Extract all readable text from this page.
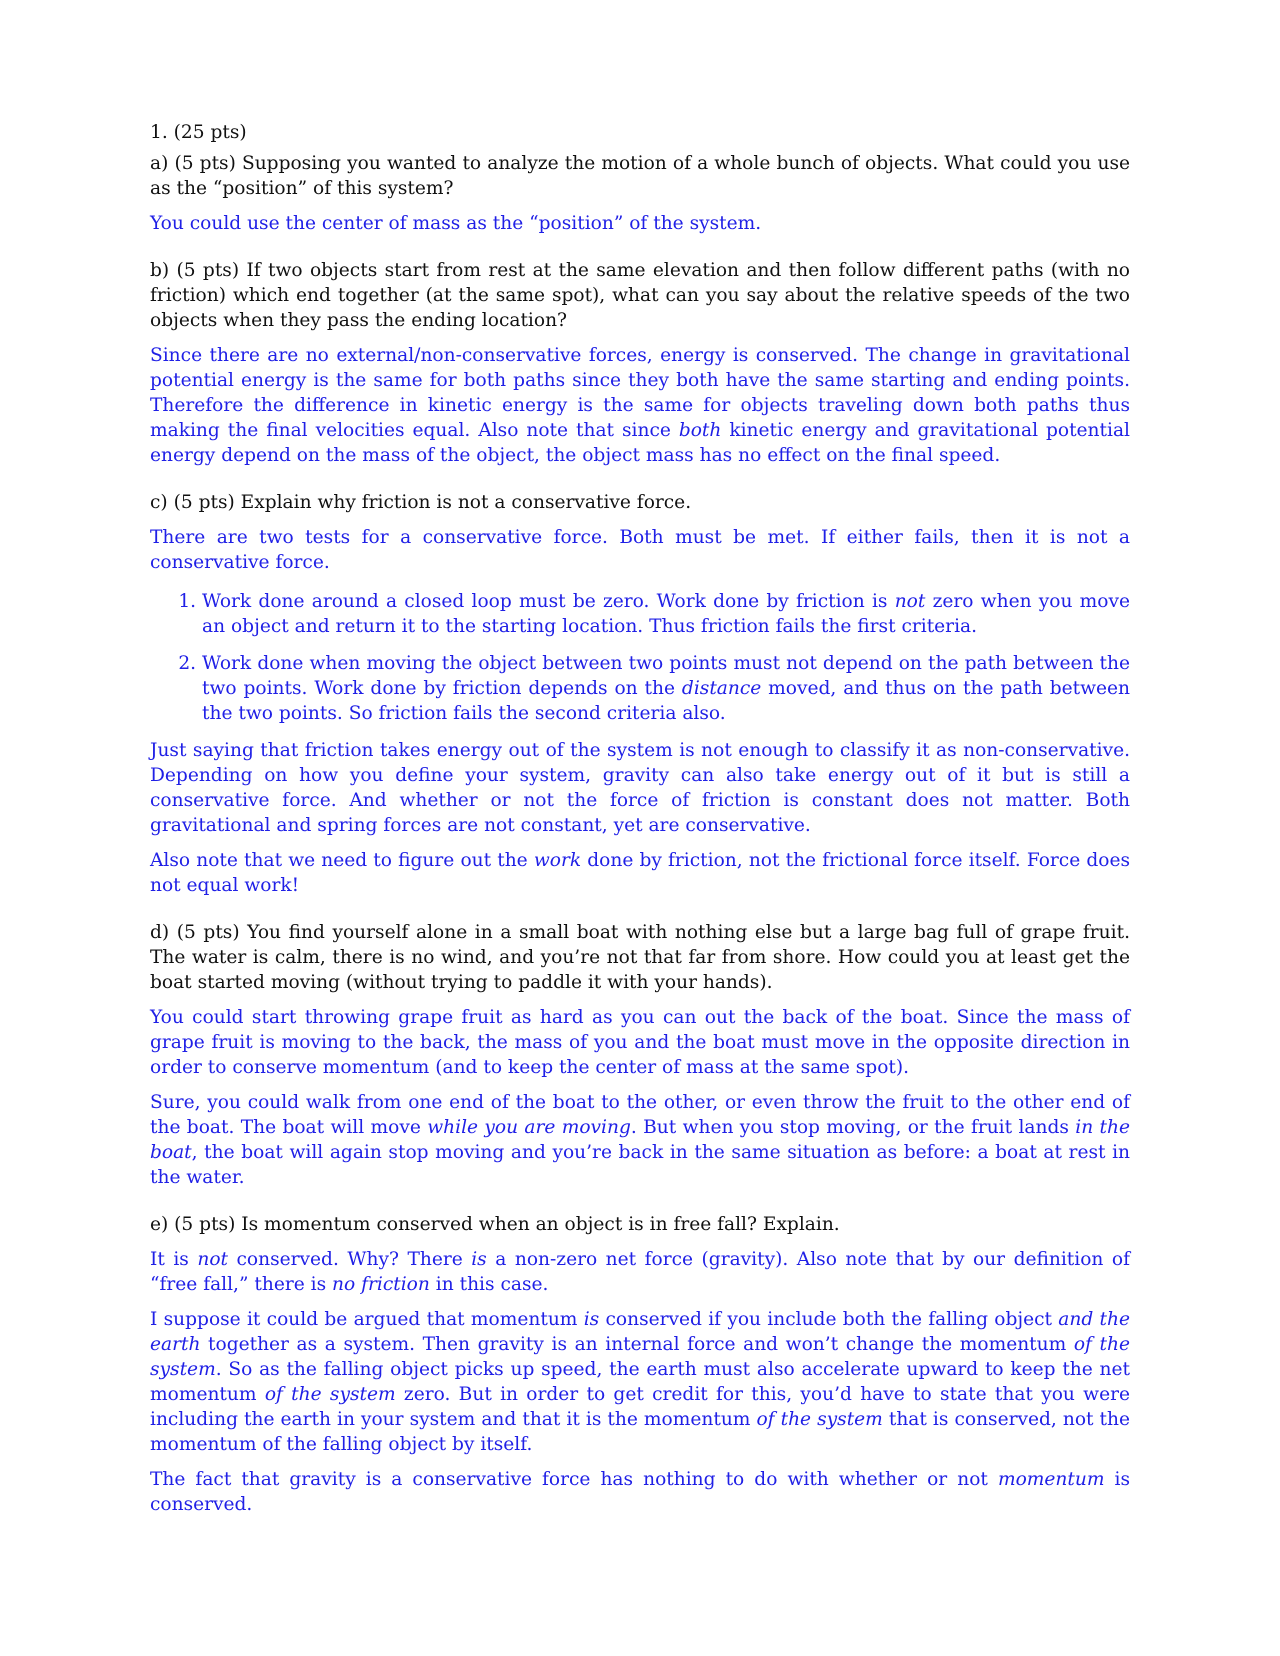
1. (25 pts)

a) (5 pts) Supposing you wanted to analyze the motion of a whole bunch of objects. What could you use as the “position” of this system?

You could use the center of mass as the “position” of the system.

b) (5 pts) If two objects start from rest at the same elevation and then follow different paths (with no friction) which end together (at the same spot), what can you say about the relative speeds of the two objects when they pass the ending location?

Since there are no external/non-conservative forces, energy is conserved. The change in gravitational potential energy is the same for both paths since they both have the same starting and ending points. Therefore the difference in kinetic energy is the same for objects traveling down both paths thus making the final velocities equal. Also note that since both kinetic energy and gravitational potential energy depend on the mass of the object, the object mass has no effect on the final speed.

c) (5 pts) Explain why friction is not a conservative force.

There are two tests for a conservative force. Both must be met. If either fails, then it is not a conservative force.

1. Work done around a closed loop must be zero. Work done by friction is not zero when you move an object and return it to the starting location. Thus friction fails the first criteria.
2. Work done when moving the object between two points must not depend on the path between the two points. Work done by friction depends on the distance moved, and thus on the path between the two points. So friction fails the second criteria also.

Just saying that friction takes energy out of the system is not enough to classify it as non-conservative. Depending on how you define your system, gravity can also take energy out of it but is still a conservative force. And whether or not the force of friction is constant does not matter. Both gravitational and spring forces are not constant, yet are conservative.

Also note that we need to figure out the work done by friction, not the frictional force itself. Force does not equal work!

d) (5 pts) You find yourself alone in a small boat with nothing else but a large bag full of grape fruit. The water is calm, there is no wind, and you’re not that far from shore. How could you at least get the boat started moving (without trying to paddle it with your hands).

You could start throwing grape fruit as hard as you can out the back of the boat. Since the mass of grape fruit is moving to the back, the mass of you and the boat must move in the opposite direction in order to conserve momentum (and to keep the center of mass at the same spot).

Sure, you could walk from one end of the boat to the other, or even throw the fruit to the other end of the boat. The boat will move while you are moving. But when you stop moving, or the fruit lands in the boat, the boat will again stop moving and you’re back in the same situation as before: a boat at rest in the water.

e) (5 pts) Is momentum conserved when an object is in free fall? Explain.

It is not conserved. Why? There is a non-zero net force (gravity). Also note that by our definition of “free fall,” there is no friction in this case.

I suppose it could be argued that momentum is conserved if you include both the falling object and the earth together as a system. Then gravity is an internal force and won’t change the momentum of the system. So as the falling object picks up speed, the earth must also accelerate upward to keep the net momentum of the system zero. But in order to get credit for this, you’d have to state that you were including the earth in your system and that it is the momentum of the system that is conserved, not the momentum of the falling object by itself.

The fact that gravity is a conservative force has nothing to do with whether or not momentum is conserved.
